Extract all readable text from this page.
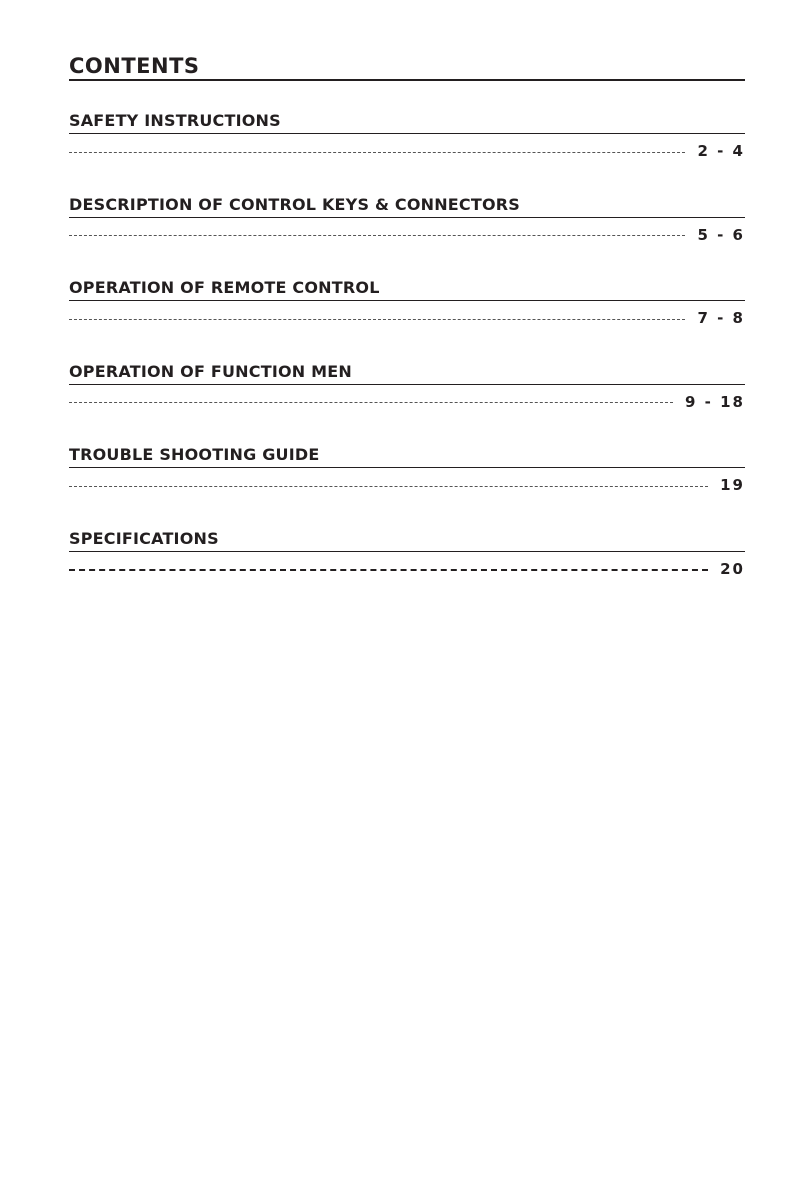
CONTENTS
SAFETY INSTRUCTIONS
2 - 4
DESCRIPTION OF CONTROL KEYS & CONNECTORS
5 - 6
OPERATION OF REMOTE CONTROL
7 - 8
OPERATION OF FUNCTION MEN
9 - 18
TROUBLE SHOOTING GUIDE
19
SPECIFICATIONS
20
